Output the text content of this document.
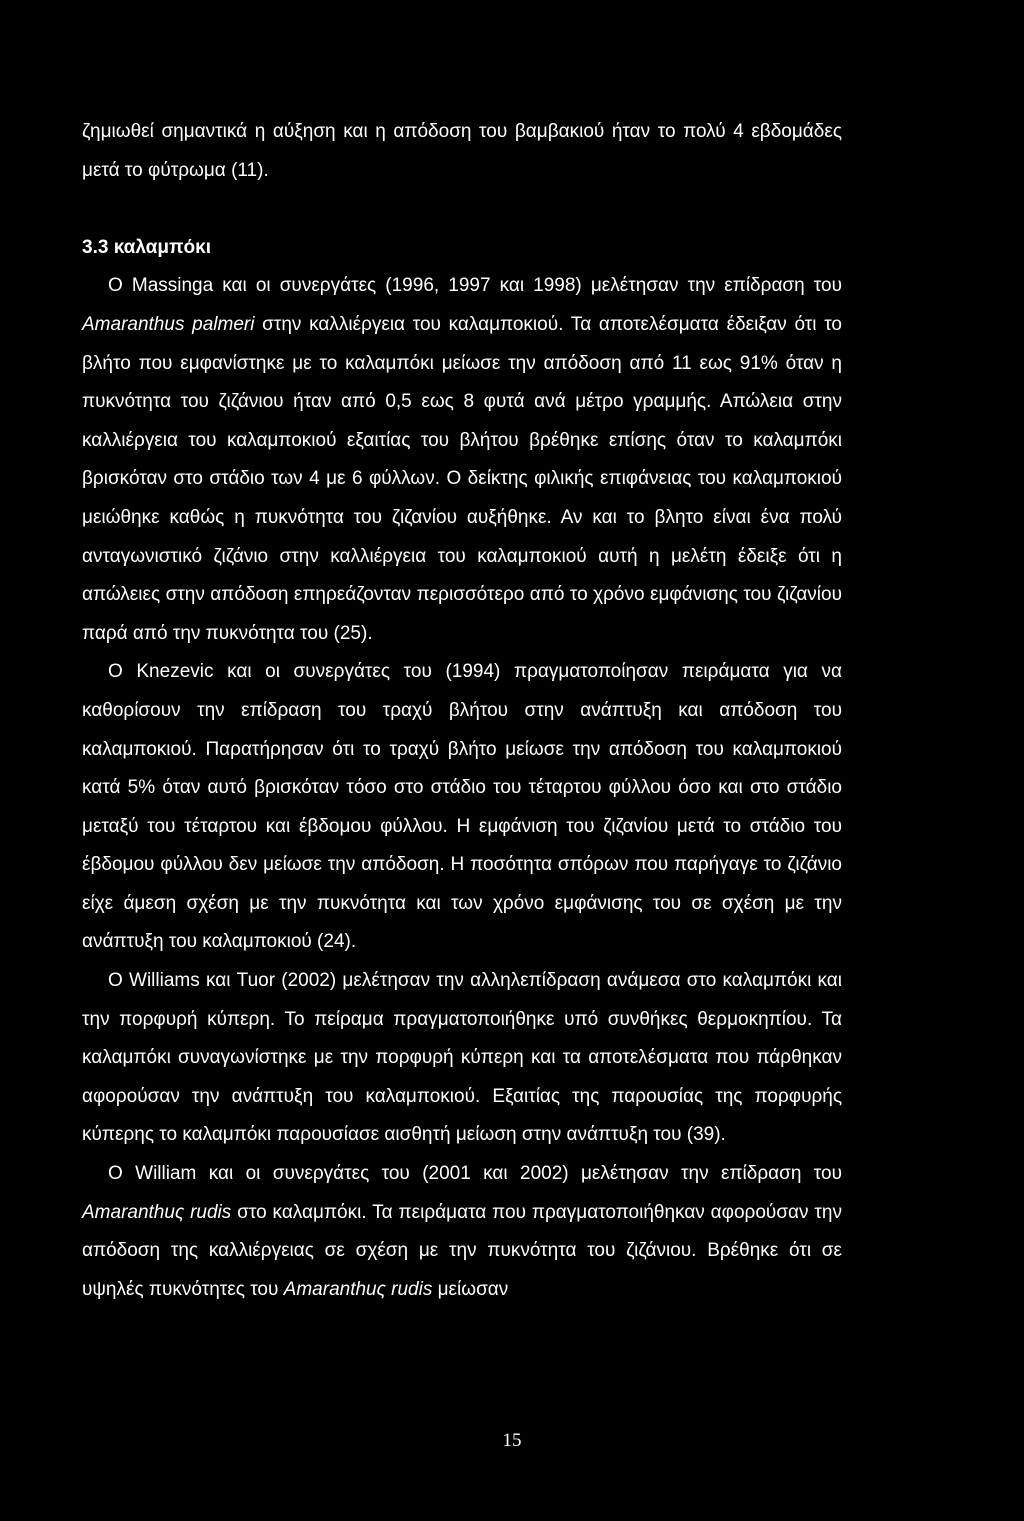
ζημιωθεί σημαντικά η αύξηση και η απόδοση του βαμβακιού ήταν το πολύ 4 εβδομάδες μετά το φύτρωμα (11).

3.3 καλαμπόκι

Ο Massinga και οι συνεργάτες (1996, 1997 και 1998) μελέτησαν την επίδραση του Amaranthus palmeri στην καλλιέργεια του καλαμποκιού. Τα αποτελέσματα έδειξαν ότι το βλήτο που εμφανίστηκε με το καλαμπόκι μείωσε την απόδοση από 11 εως 91% όταν η πυκνότητα του ζιζάνιου ήταν από 0,5 εως 8 φυτά ανά μέτρο γραμμής. Απώλεια στην καλλιέργεια του καλαμποκιού εξαιτίας του βλήτου βρέθηκε επίσης όταν το καλαμπόκι βρισκόταν στο στάδιο των 4 με 6 φύλλων. Ο δείκτης φιλικής επιφάνειας του καλαμποκιού μειώθηκε καθώς η πυκνότητα του ζιζανίου αυξήθηκε. Αν και το βλητο είναι ένα πολύ ανταγωνιστικό ζιζάνιο στην καλλιέργεια του καλαμποκιού αυτή η μελέτη έδειξε ότι η απώλειες στην απόδοση επηρεάζονταν περισσότερο από το χρόνο εμφάνισης του ζιζανίου παρά από την πυκνότητα του (25).

Ο Knezevic και οι συνεργάτες του (1994) πραγματοποίησαν πειράματα για να καθορίσουν την επίδραση του τραχύ βλήτου στην ανάπτυξη και απόδοση του καλαμποκιού. Παρατήρησαν ότι το τραχύ βλήτο μείωσε την απόδοση του καλαμποκιού κατά 5% όταν αυτό βρισκόταν τόσο στο στάδιο του τέταρτου φύλλου όσο και στο στάδιο μεταξύ του τέταρτου και έβδομου φύλλου. Η εμφάνιση του ζιζανίου μετά το στάδιο του έβδομου φύλλου δεν μείωσε την απόδοση. Η ποσότητα σπόρων που παρήγαγε το ζιζάνιο είχε άμεση σχέση με την πυκνότητα και των χρόνο εμφάνισης του σε σχέση με την ανάπτυξη του καλαμποκιού (24).

Ο Williams και Tuor (2002) μελέτησαν την αλληλεπίδραση ανάμεσα στο καλαμπόκι και την πορφυρή κύπερη. Το πείραμα πραγματοποιήθηκε υπό συνθήκες θερμοκηπίου. Τα καλαμπόκι συναγωνίστηκε με την πορφυρή κύπερη και τα αποτελέσματα που πάρθηκαν αφορούσαν την ανάπτυξη του καλαμποκιού. Εξαιτίας της παρουσίας της πορφυρής κύπερης το καλαμπόκι παρουσίασε αισθητή μείωση στην ανάπτυξη του (39).

Ο William και οι συνεργάτες του (2001 και 2002) μελέτησαν την επίδραση του Amaranthuς rudis στο καλαμπόκι. Τα πειράματα που πραγματοποιήθηκαν αφορούσαν την απόδοση της καλλιέργειας σε σχέση με την πυκνότητα του ζιζάνιου. Βρέθηκε ότι σε υψηλές πυκνότητες του Amaranthuς rudis μείωσαν

15
